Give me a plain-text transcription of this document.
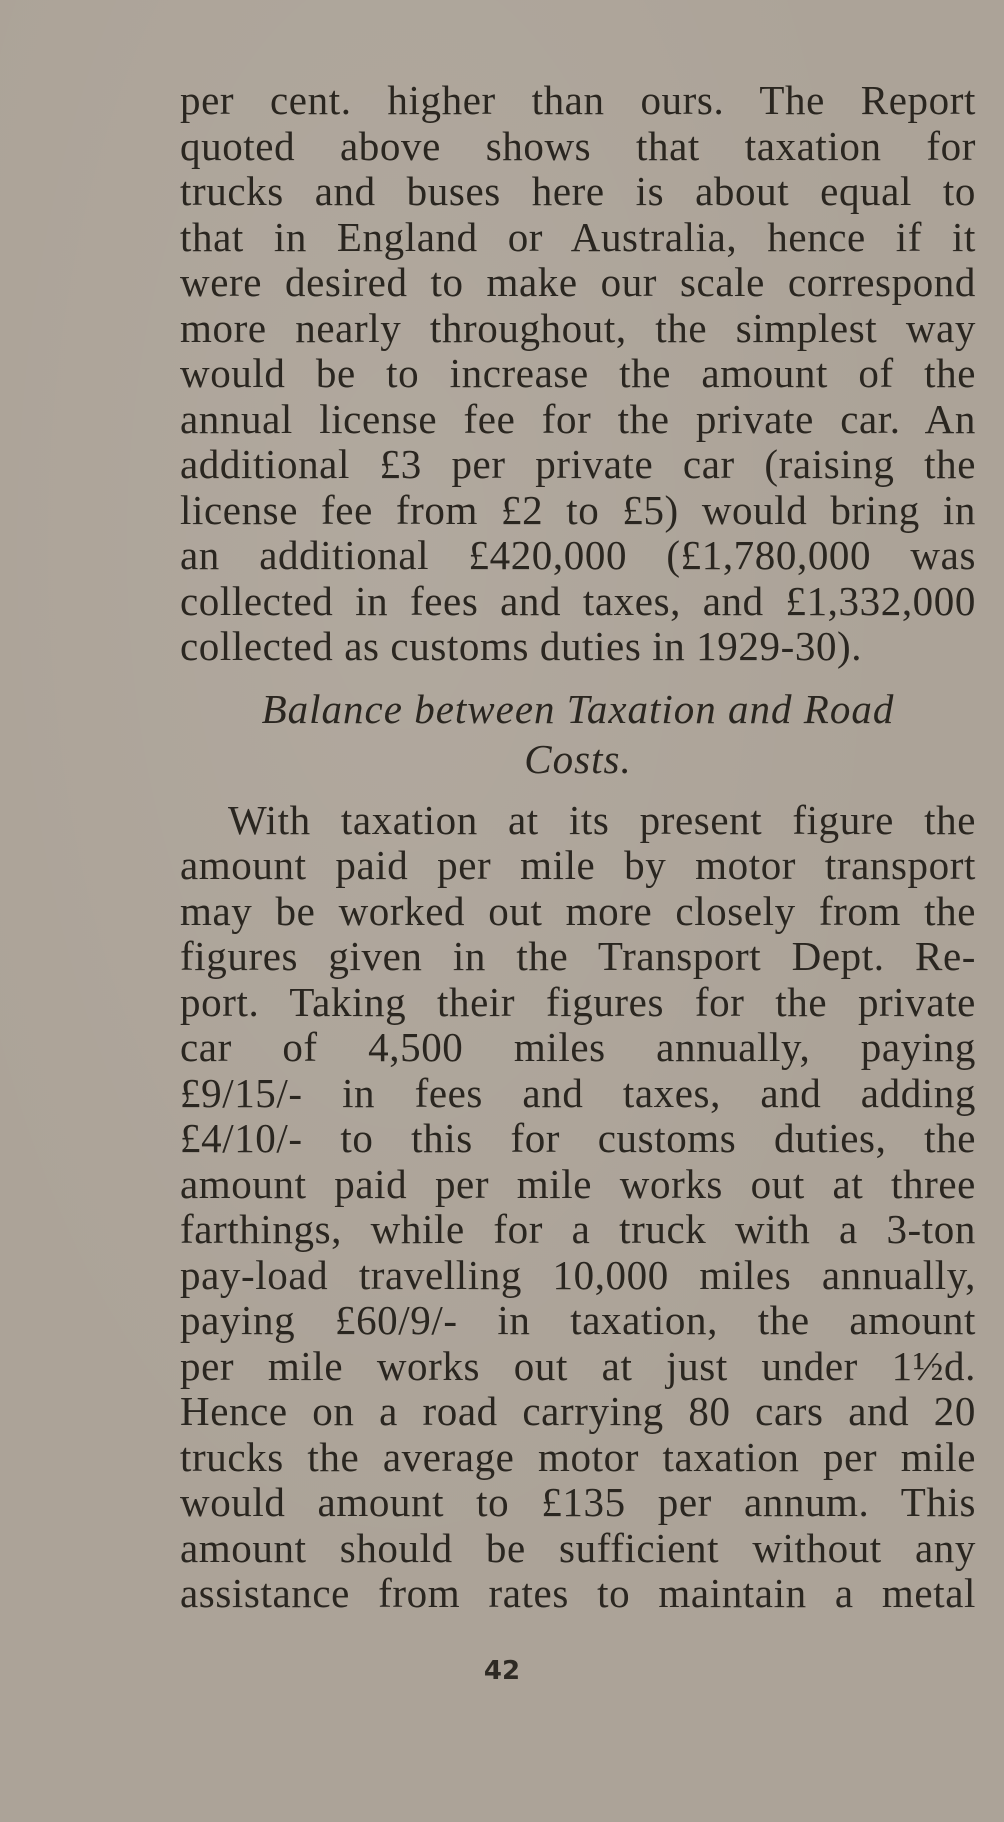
per cent. higher than ours. The Report
quoted above shows that taxation for
trucks and buses here is about equal to
that in England or Australia, hence if it
were desired to make our scale correspond
more nearly throughout, the simplest way
would be to increase the amount of the
annual license fee for the private car. An
additional £3 per private car (raising the
license fee from £2 to £5) would bring in
an additional £420,000 (£1,780,000 was
collected in fees and taxes, and £1,332,000
collected as customs duties in 1929-30).
Balance between Taxation and Road
Costs.
With taxation at its present figure the
amount paid per mile by motor transport
may be worked out more closely from the
figures given in the Transport Dept. Re-
port. Taking their figures for the private
car of 4,500 miles annually, paying
£9/15/- in fees and taxes, and adding
£4/10/- to this for customs duties, the
amount paid per mile works out at three
farthings, while for a truck with a 3-ton
pay-load travelling 10,000 miles annually,
paying £60/9/- in taxation, the amount
per mile works out at just under 1½d.
Hence on a road carrying 80 cars and 20
trucks the average motor taxation per mile
would amount to £135 per annum. This
amount should be sufficient without any
assistance from rates to maintain a metal
42
